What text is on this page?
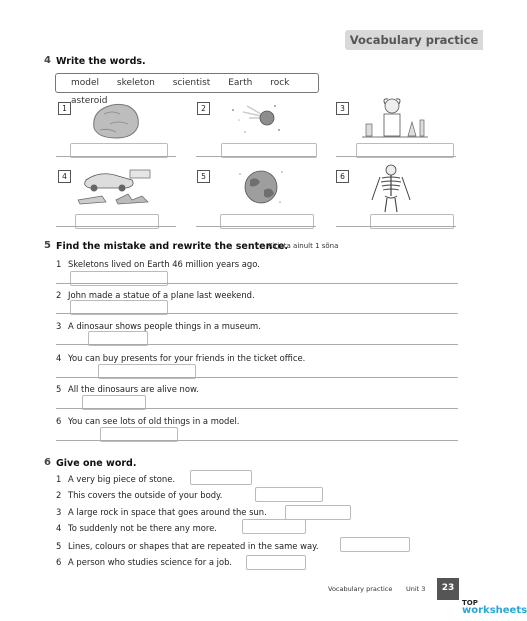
Vocabulary practice
4 Write the words.
model skeleton scientist Earth rock asteroid
1	2	3
4	5	6
5 Find the mistake and rewrite the sentence.
Kirjuta ainult 1 sõna
1 Skeletons lived on Earth 46 million years ago.
2 John made a statue of a plane last weekend.
3 A dinosaur shows people things in a museum.
4 You can buy presents for your friends in the ticket office.
5 All the dinosaurs are alive now.
6 You can see lots of old things in a model.
6 Give one word.
1 A very big piece of stone.
2 This covers the outside of your body.
3 A large rock in space that goes around the sun.
4 To suddenly not be there any more.
5 Lines, colours or shapes that are repeated in the same way.
6 A person who studies science for a job.
Vocabulary practice Unit 3	23
TOP
worksheets
